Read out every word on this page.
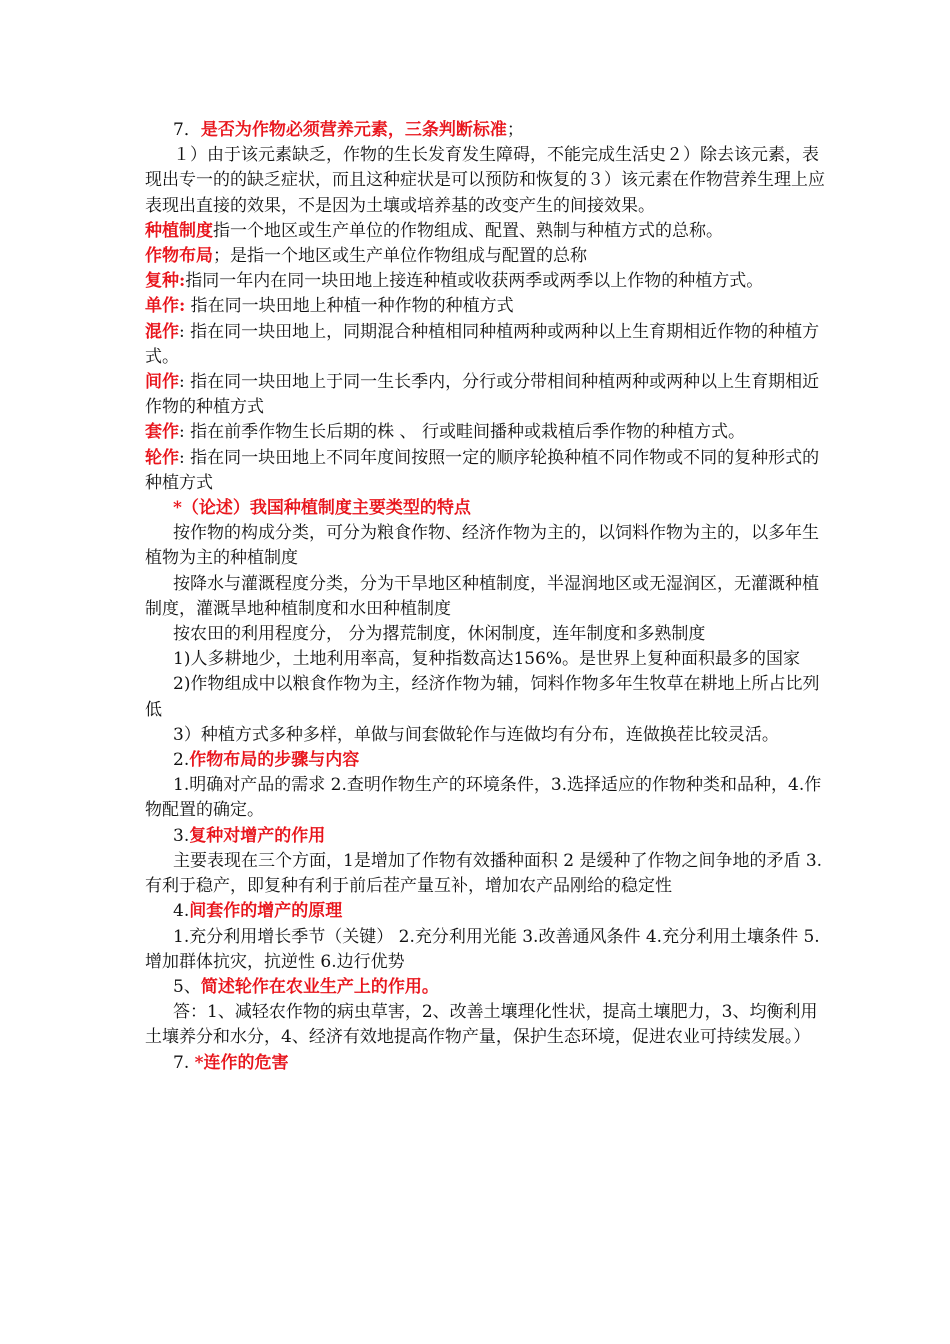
7．是否为作物必须营养元素，三条判断标准；

１）由于该元素缺乏，作物的生长发育发生障碍，不能完成生活史２）除去该元素，表现出专一的的缺乏症状，而且这种症状是可以预防和恢复的３）该元素在作物营养生理上应表现出直接的效果，不是因为土壤或培养基的改变产生的间接效果。

种植制度指一个地区或生产单位的作物组成、配置、熟制与种植方式的总称。

作物布局；是指一个地区或生产单位作物组成与配置的总称

复种:指同一年内在同一块田地上接连种植或收获两季或两季以上作物的种植方式。

单作: 指在同一块田地上种植一种作物的种植方式

混作: 指在同一块田地上，同期混合种植相同种植两种或两种以上生育期相近作物的种植方式。

间作: 指在同一块田地上于同一生长季内，分行或分带相间种植两种或两种以上生育期相近作物的种植方式

套作: 指在前季作物生长后期的株 、 行或畦间播种或栽植后季作物的种植方式。

轮作: 指在同一块田地上不同年度间按照一定的顺序轮换种植不同作物或不同的复种形式的种植方式

*（论述）我国种植制度主要类型的特点

按作物的构成分类，可分为粮食作物、经济作物为主的，以饲料作物为主的，以多年生植物为主的种植制度

按降水与灌溉程度分类，分为干旱地区种植制度，半湿润地区或无湿润区，无灌溉种植制度，灌溉旱地种植制度和水田种植制度

按农田的利用程度分， 分为撂荒制度，休闲制度，连年制度和多熟制度

1)人多耕地少，土地利用率高，复种指数高达156%。是世界上复种面积最多的国家

2)作物组成中以粮食作物为主，经济作物为辅，饲料作物多年生牧草在耕地上所占比列低

3）种植方式多种多样，单做与间套做轮作与连做均有分布，连做换茬比较灵活。

2.作物布局的步骤与内容

1.明确对产品的需求 2.查明作物生产的环境条件，3.选择适应的作物种类和品种，4.作物配置的确定。

3.复种对增产的作用

主要表现在三个方面，1是增加了作物有效播种面积 2 是缓种了作物之间争地的矛盾 3.有利于稳产，即复种有利于前后茬产量互补，增加农产品刚给的稳定性

4.间套作的增产的原理

1.充分利用增长季节（关键） 2.充分利用光能 3.改善通风条件 4.充分利用土壤条件 5.增加群体抗灾，抗逆性 6.边行优势

5、简述轮作在农业生产上的作用。

答：1、减轻农作物的病虫草害，2、改善土壤理化性状，提高土壤肥力，3、均衡利用土壤养分和水分，4、经济有效地提高作物产量，保护生态环境，促进农业可持续发展。）

7. *连作的危害
